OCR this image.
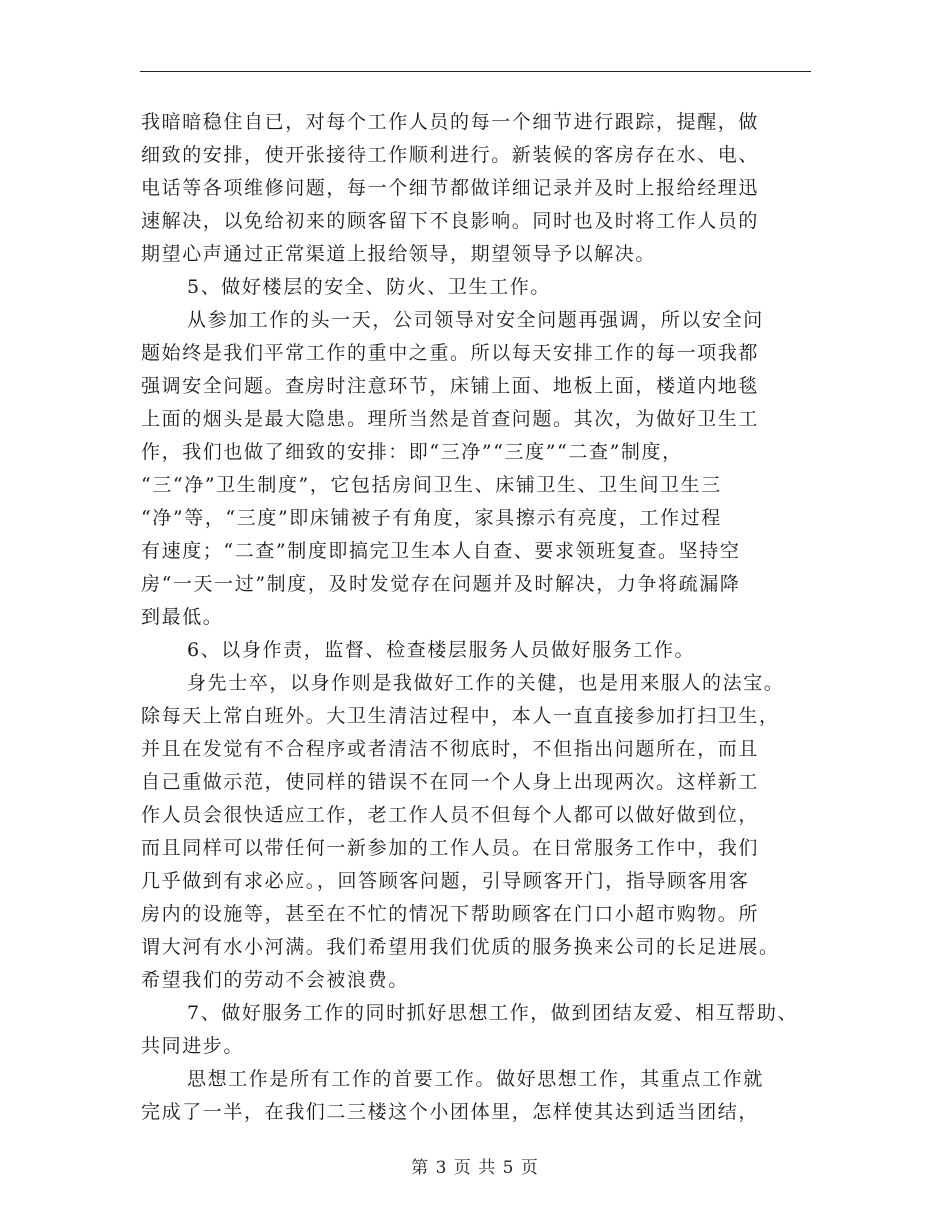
我暗暗稳住自已，对每个工作人员的每一个细节进行跟踪，提醒，做
细致的安排，使开张接待工作顺利进行。新装候的客房存在水、电、
电话等各项维修问题，每一个细节都做详细记录并及时上报给经理迅
速解决，以免给初来的顾客留下不良影响。同时也及时将工作人员的
期望心声通过正常渠道上报给领导，期望领导予以解决。
5、做好楼层的安全、防火、卫生工作。
从参加工作的头一天，公司领导对安全问题再强调，所以安全问
题始终是我们平常工作的重中之重。所以每天安排工作的每一项我都
强调安全问题。查房时注意环节，床铺上面、地板上面，楼道内地毯
上面的烟头是最大隐患。理所当然是首查问题。其次，为做好卫生工
作，我们也做了细致的安排：即“三净”“三度”“二查”制度，
“三“净”卫生制度”，它包括房间卫生、床铺卫生、卫生间卫生三
“净”等，“三度”即床铺被子有角度，家具擦示有亮度，工作过程
有速度；“二查”制度即搞完卫生本人自查、要求领班复查。坚持空
房“一天一过”制度，及时发觉存在问题并及时解决，力争将疏漏降
到最低。
6、以身作责，监督、检查楼层服务人员做好服务工作。
身先士卒，以身作则是我做好工作的关健，也是用来服人的法宝。
除每天上常白班外。大卫生清洁过程中，本人一直直接参加打扫卫生，
并且在发觉有不合程序或者清洁不彻底时，不但指出问题所在，而且
自己重做示范，使同样的错误不在同一个人身上出现两次。这样新工
作人员会很快适应工作，老工作人员不但每个人都可以做好做到位，
而且同样可以带任何一新参加的工作人员。在日常服务工作中，我们
几乎做到有求必应。，回答顾客问题，引导顾客开门，指导顾客用客
房内的设施等，甚至在不忙的情况下帮助顾客在门口小超市购物。所
谓大河有水小河满。我们希望用我们优质的服务换来公司的长足进展。
希望我们的劳动不会被浪费。
7、做好服务工作的同时抓好思想工作，做到团结友爱、相互帮助、
共同进步。
思想工作是所有工作的首要工作。做好思想工作，其重点工作就
完成了一半，在我们二三楼这个小团体里，怎样使其达到适当团结，
第 3 页 共 5 页
